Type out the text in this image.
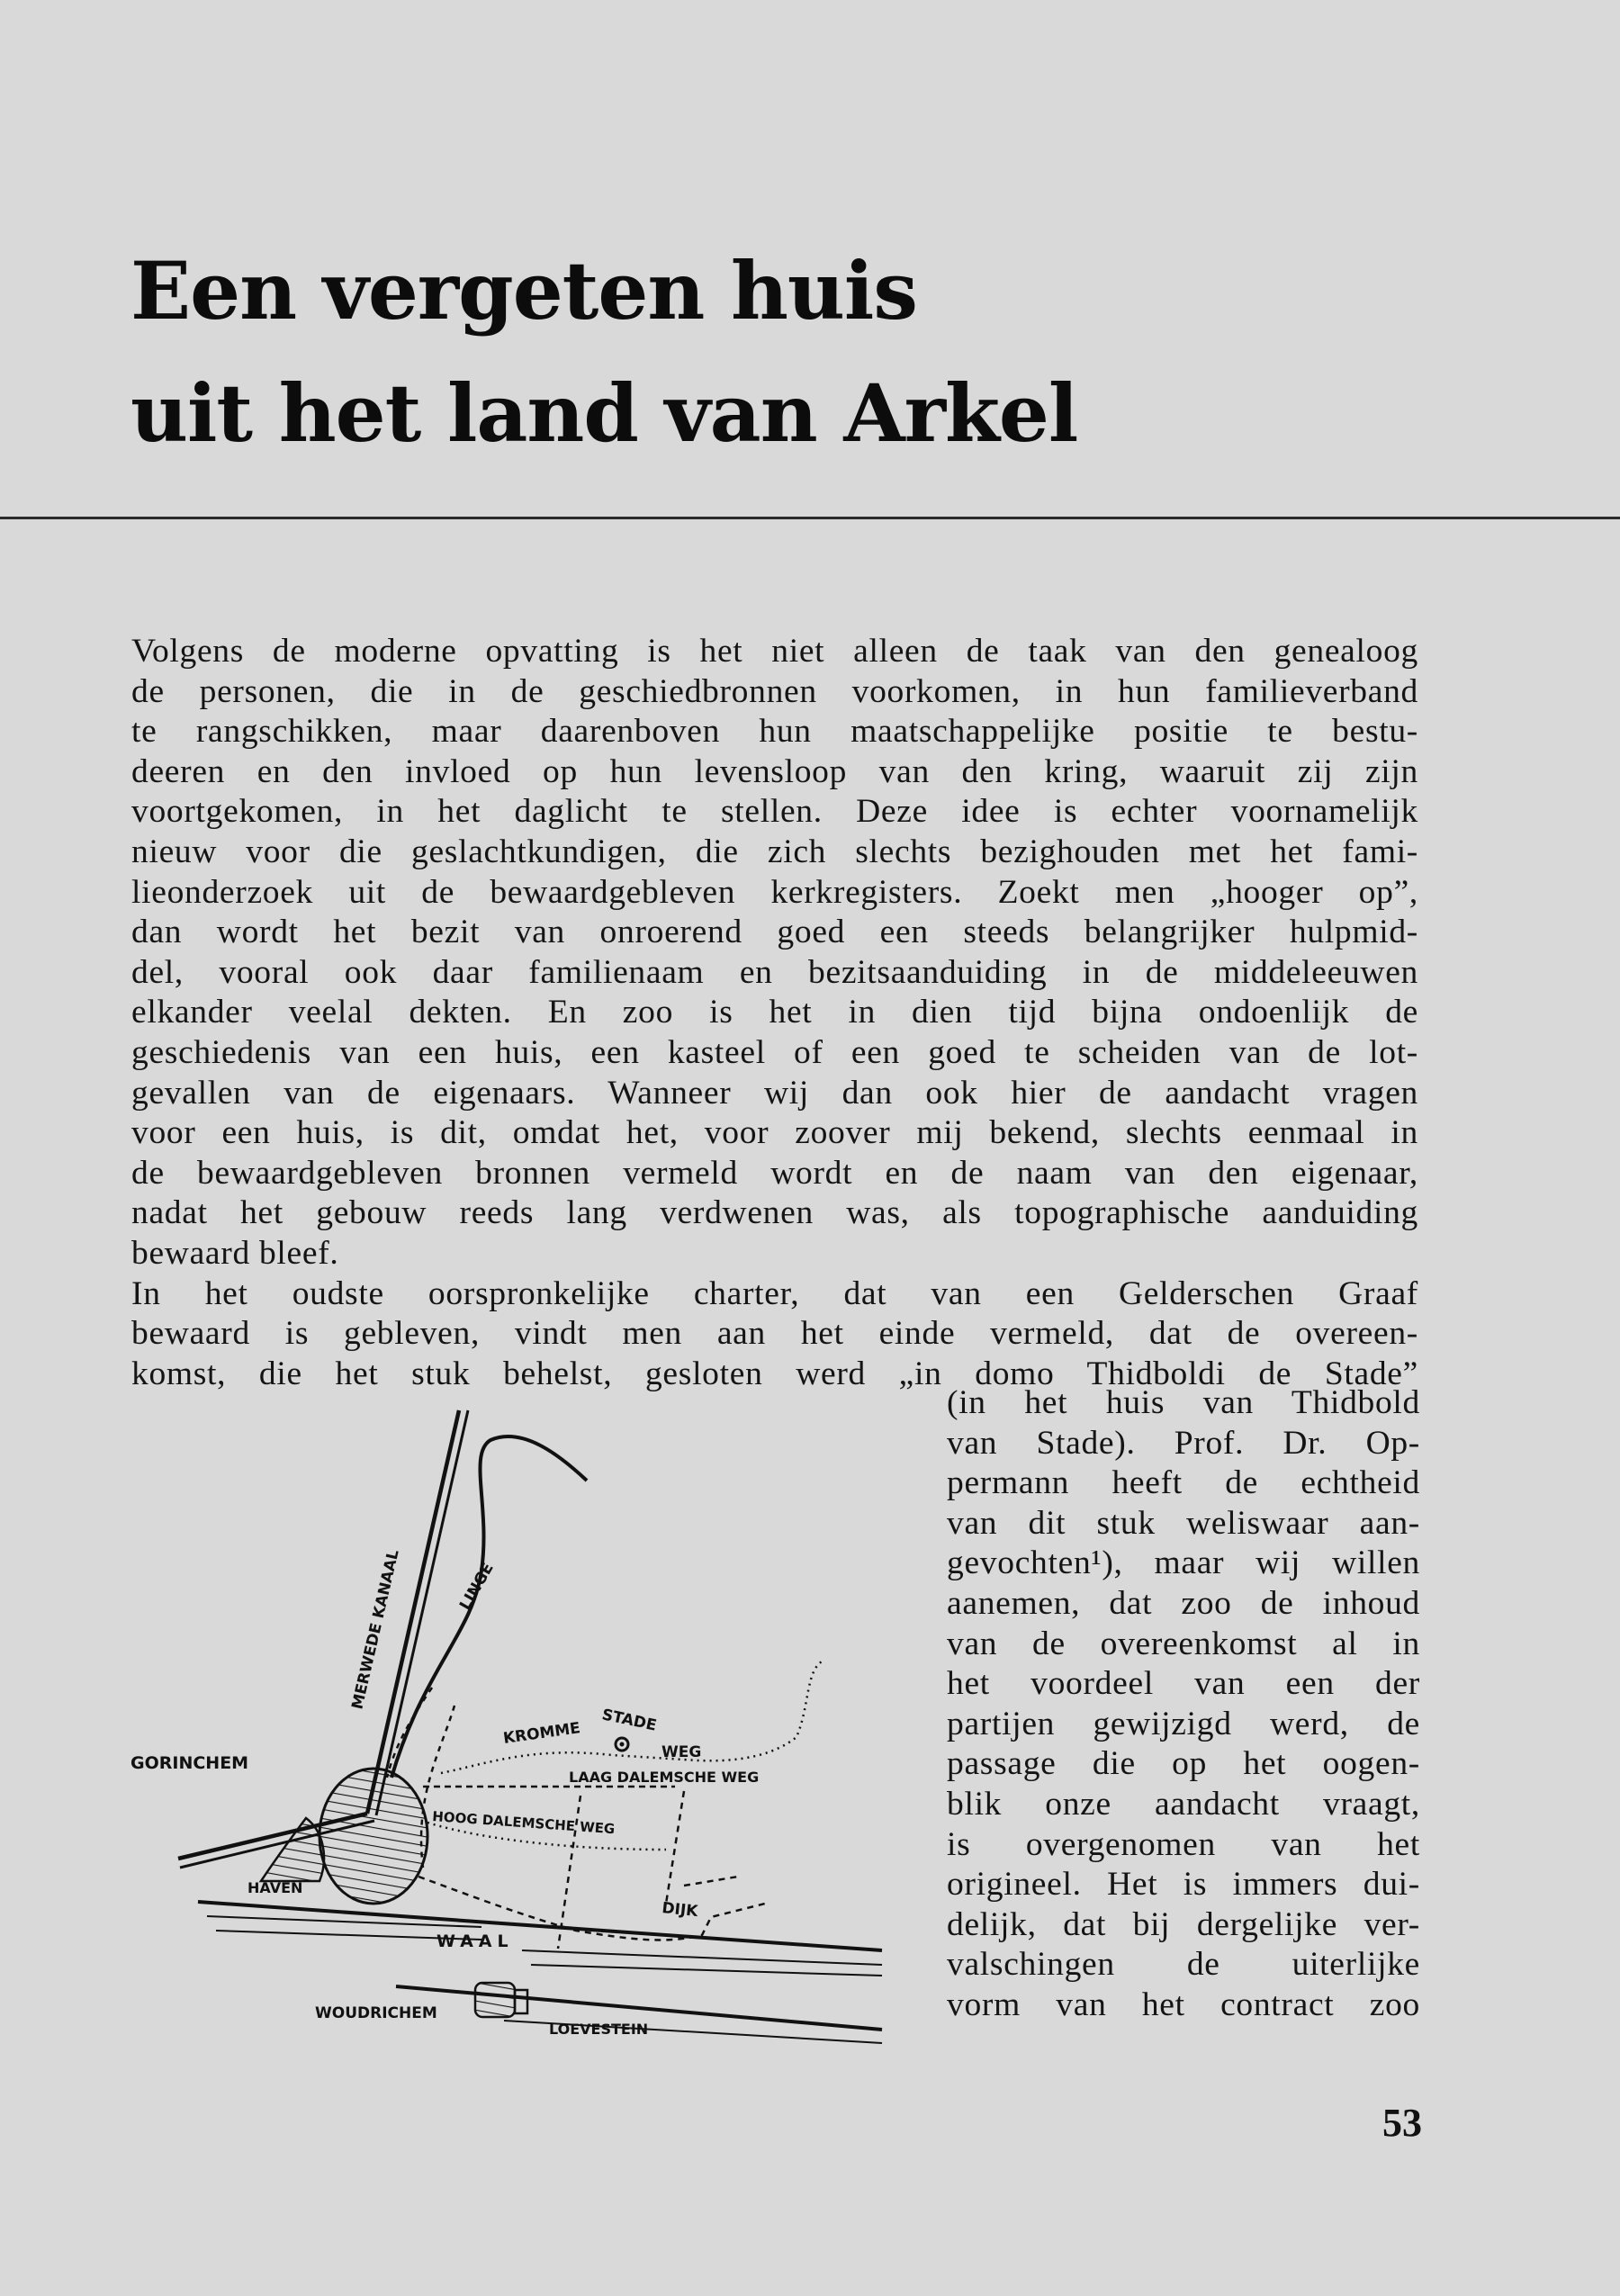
Een vergeten huis
uit het land van Arkel
Volgens de moderne opvatting is het niet alleen de taak van den genealoog
de personen, die in de geschiedbronnen voorkomen, in hun familieverband
te rangschikken, maar daarenboven hun maatschappelijke positie te bestu-
deeren en den invloed op hun levensloop van den kring, waaruit zij zijn
voortgekomen, in het daglicht te stellen. Deze idee is echter voornamelijk
nieuw voor die geslachtkundigen, die zich slechts bezighouden met het fami-
lieonderzoek uit de bewaardgebleven kerkregisters. Zoekt men „hooger op”,
dan wordt het bezit van onroerend goed een steeds belangrijker hulpmid-
del, vooral ook daar familienaam en bezitsaanduiding in de middeleeuwen
elkander veelal dekten. En zoo is het in dien tijd bijna ondoenlijk de
geschiedenis van een huis, een kasteel of een goed te scheiden van de lot-
gevallen van de eigenaars. Wanneer wij dan ook hier de aandacht vragen
voor een huis, is dit, omdat het, voor zoover mij bekend, slechts eenmaal in
de bewaardgebleven bronnen vermeld wordt en de naam van den eigenaar,
nadat het gebouw reeds lang verdwenen was, als topographische aanduiding
bewaard bleef.
In het oudste oorspronkelijke charter, dat van een Gelderschen Graaf
bewaard is gebleven, vindt men aan het einde vermeld, dat de overeen-
komst, die het stuk behelst, gesloten werd „in domo Thidboldi de Stade”
(in het huis van Thidbold
van Stade). Prof. Dr. Op-
permann heeft de echtheid
van dit stuk weliswaar aan-
gevochten¹), maar wij willen
aanemen, dat zoo de inhoud
van de overeenkomst al in
het voordeel van een der
partijen gewijzigd werd, de
passage die op het oogen-
blik onze aandacht vraagt,
is overgenomen van het
origineel. Het is immers dui-
delijk, dat bij dergelijke ver-
valschingen de uiterlijke
vorm van het contract zoo
GORINCHEM
MERWEDE KANAAL	LINGE
KROMME STADE
WEG
LAAG DALEMSCHE WEG
HOOG DALEMSCHE WEG
HAVEN
DIJK
WAAL
WOUDRICHEM
LOEVESTEIN
53
